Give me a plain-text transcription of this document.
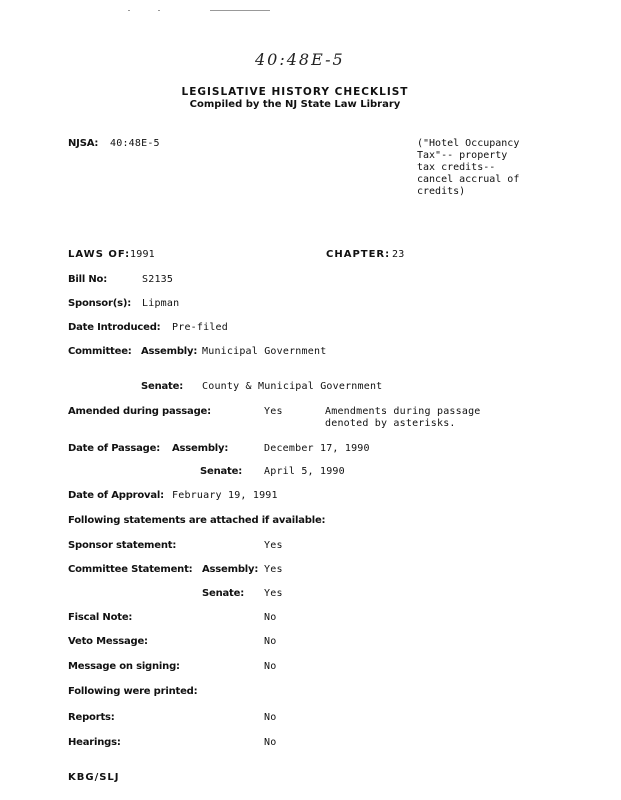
40:48E-5
LEGISLATIVE HISTORY CHECKLIST
Compiled by the NJ State Law Library
NJSA: 40:48E-5	("Hotel Occupancy Tax"-- property tax credits--cancel accrual of credits)
LAWS OF: 1991	CHAPTER: 23
Bill No:	S2135
Sponsor(s): Lipman
Date Introduced: Pre-filed
Committee: Assembly: Municipal Government
Senate: County & Municipal Government
Amended during passage:	Yes	Amendments during passage
denoted by asterisks.
Date of Passage: Assembly:	December 17, 1990
Senate: April 5, 1990
Date of Approval: February 19, 1991
Following statements are attached if available:
Sponsor statement:	Yes
Committee Statement: Assembly: Yes
Senate: Yes
Fiscal Note:	No
Veto Message:	No
Message on signing:	No
Following were printed:
Reports:	No
Hearings:	No
KBG/SLJ
